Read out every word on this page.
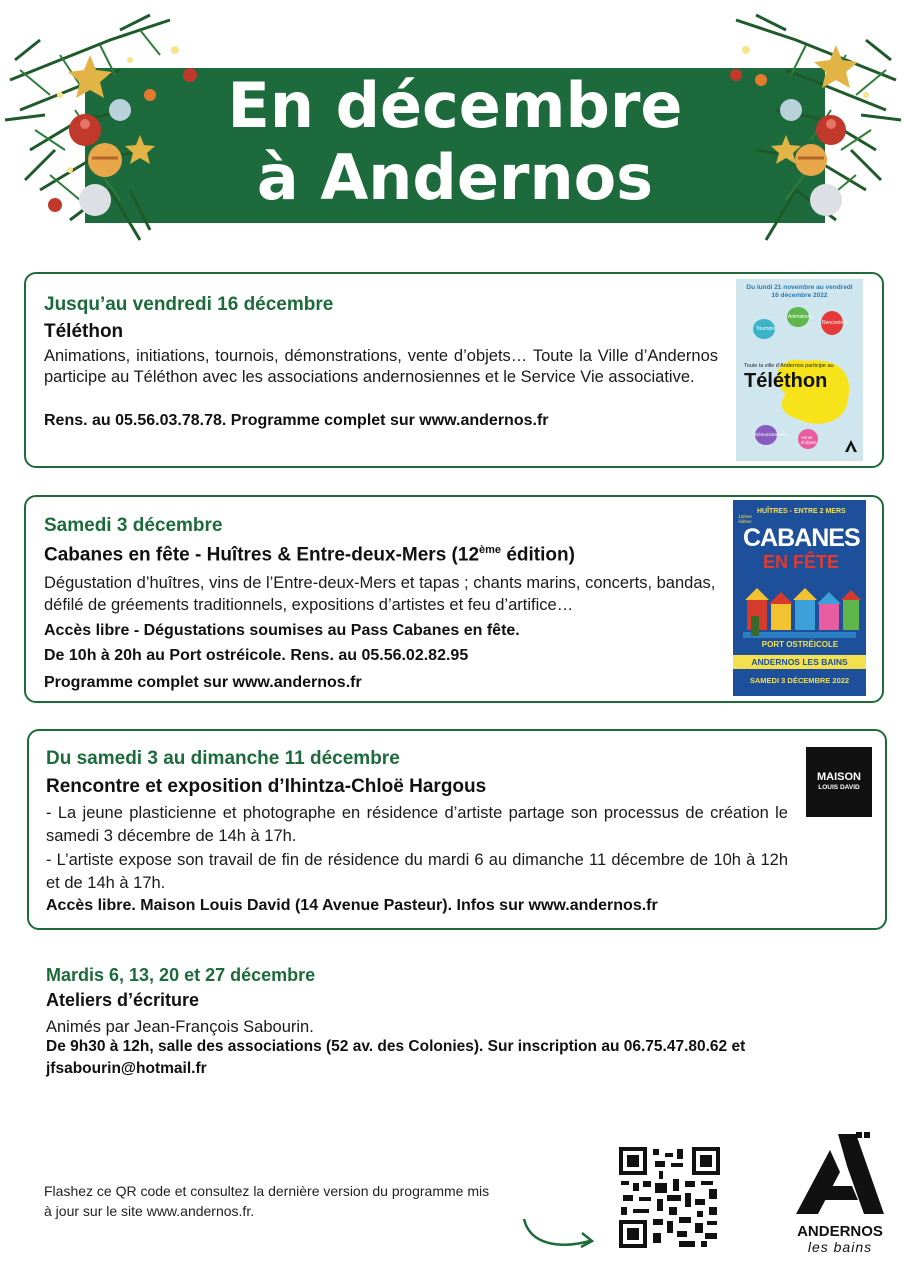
En décembre
à Andernos
Jusqu’au vendredi 16 décembre
Téléthon
Animations, initiations, tournois, démonstrations, vente d’objets… Toute la Ville d’Andernos participe au Téléthon avec les associations andernosiennes et le Service Vie associative.
Rens. au 05.56.03.78.78. Programme complet sur www.andernos.fr
Du lundi 21 novembre au vendredi 16 décembre 2022
Tournois
Animations
Rencontres
Démonstrations
Vente d’objets
Toute la ville d’Andernos participe au
Téléthon
Samedi 3 décembre
Cabanes en fête - Huîtres & Entre-deux-Mers (12ème édition)
Dégustation d’huîtres, vins de l’Entre-deux-Mers et tapas ; chants marins, concerts, bandas, défilé de gréements traditionnels, expositions d’artistes et feu d’artifice…
Accès libre - Dégustations soumises au Pass Cabanes en fête.
De 10h à 20h au Port ostréicole. Rens. au 05.56.02.82.95
Programme complet sur www.andernos.fr
HUÎTRES - ENTRE 2 MERS
12ème édition
CABANES
EN FÊTE
PORT OSTRÉICOLE
ANDERNOS LES BAINS
SAMEDI 3 DÉCEMBRE 2022
Du samedi 3 au dimanche 11 décembre
Rencontre et exposition d’Ihintza-Chloë Hargous
- La jeune plasticienne et photographe en résidence d’artiste partage son processus de création le samedi 3 décembre de 14h à 17h.
- L’artiste expose son travail de fin de résidence du mardi 6 au dimanche 11 décembre de 10h à 12h et de 14h à 17h.
Accès libre. Maison Louis David (14 Avenue Pasteur). Infos sur www.andernos.fr
MAISON
LOUIS DAVID
Mardis 6, 13, 20 et 27 décembre
Ateliers d’écriture
Animés par Jean-François Sabourin.
De 9h30 à 12h, salle des associations (52 av. des Colonies). Sur inscription au 06.75.47.80.62 et
jfsabourin@hotmail.fr
Flashez ce QR code et consultez la dernière version du programme mis
à jour sur le site www.andernos.fr.
ANDERNOS
les bains
